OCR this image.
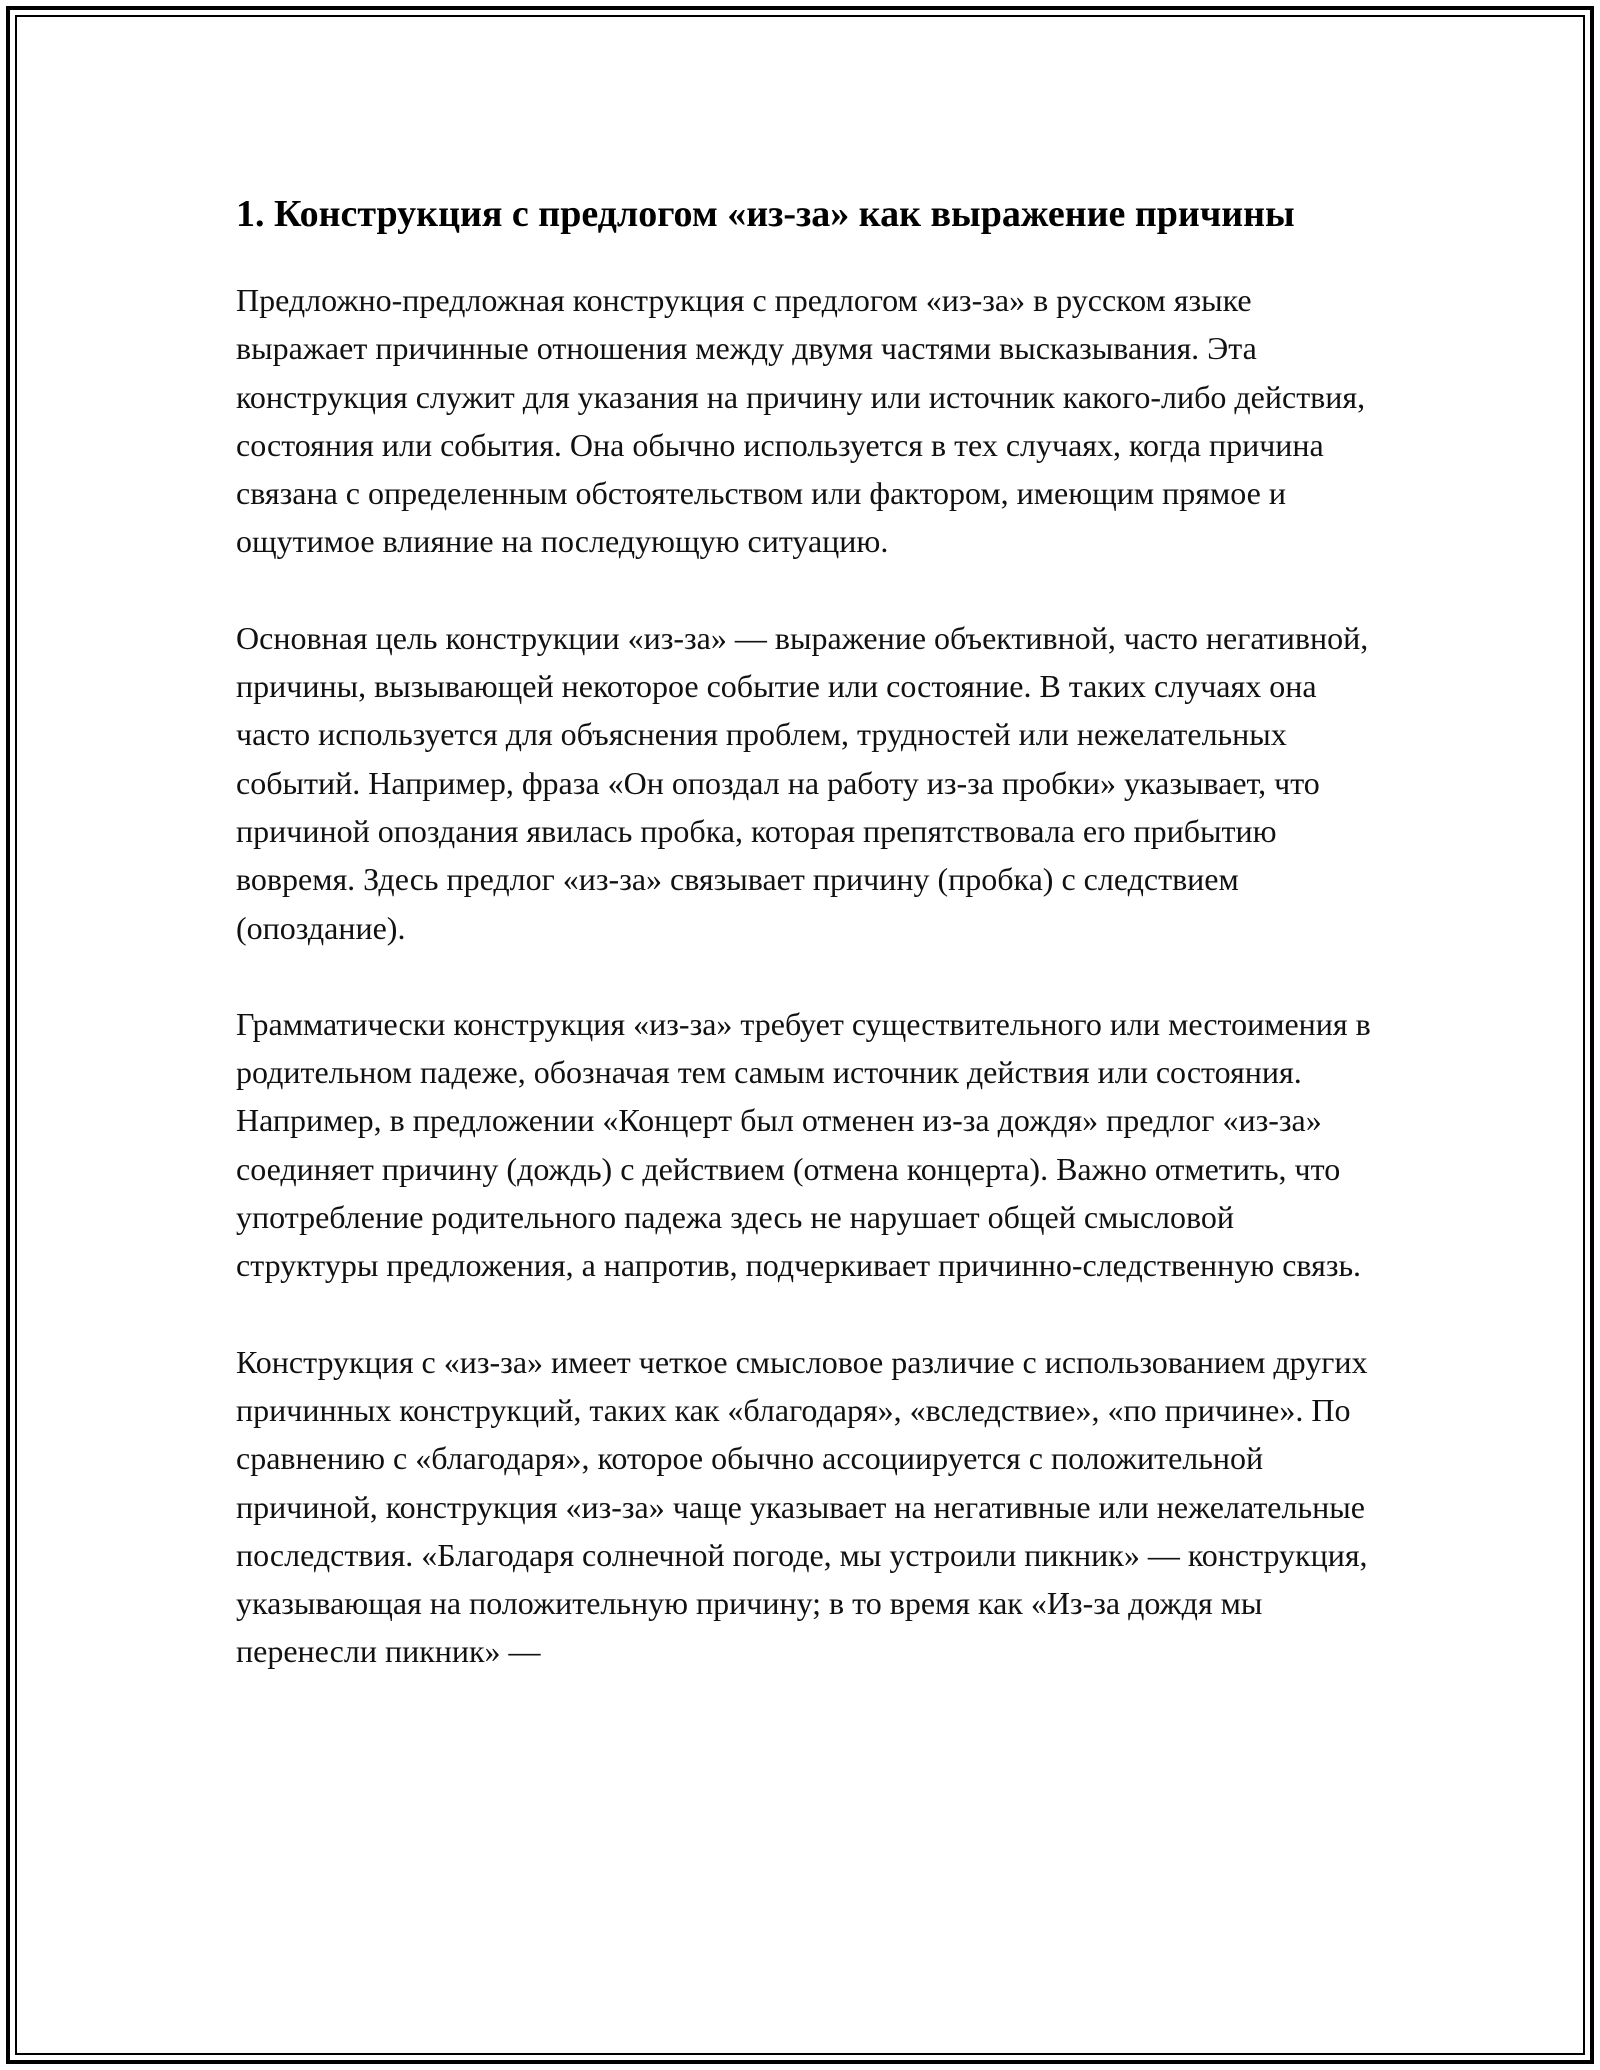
1. Конструкция с предлогом «из-за» как выражение причины

Предложно-предложная конструкция с предлогом «из-за» в русском языке выражает причинные отношения между двумя частями высказывания. Эта конструкция служит для указания на причину или источник какого-либо действия, состояния или события. Она обычно используется в тех случаях, когда причина связана с определенным обстоятельством или фактором, имеющим прямое и ощутимое влияние на последующую ситуацию.

Основная цель конструкции «из-за» — выражение объективной, часто негативной, причины, вызывающей некоторое событие или состояние. В таких случаях она часто используется для объяснения проблем, трудностей или нежелательных событий. Например, фраза «Он опоздал на работу из-за пробки» указывает, что причиной опоздания явилась пробка, которая препятствовала его прибытию вовремя. Здесь предлог «из-за» связывает причину (пробка) с следствием (опоздание).

Грамматически конструкция «из-за» требует существительного или местоимения в родительном падеже, обозначая тем самым источник действия или состояния. Например, в предложении «Концерт был отменен из-за дождя» предлог «из-за» соединяет причину (дождь) с действием (отмена концерта). Важно отметить, что употребление родительного падежа здесь не нарушает общей смысловой структуры предложения, а напротив, подчеркивает причинно-следственную связь.

Конструкция с «из-за» имеет четкое смысловое различие с использованием других причинных конструкций, таких как «благодаря», «вследствие», «по причине». По сравнению с «благодаря», которое обычно ассоциируется с положительной причиной, конструкция «из-за» чаще указывает на негативные или нежелательные последствия. «Благодаря солнечной погоде, мы устроили пикник» — конструкция, указывающая на положительную причину; в то время как «Из-за дождя мы перенесли пикник» —
